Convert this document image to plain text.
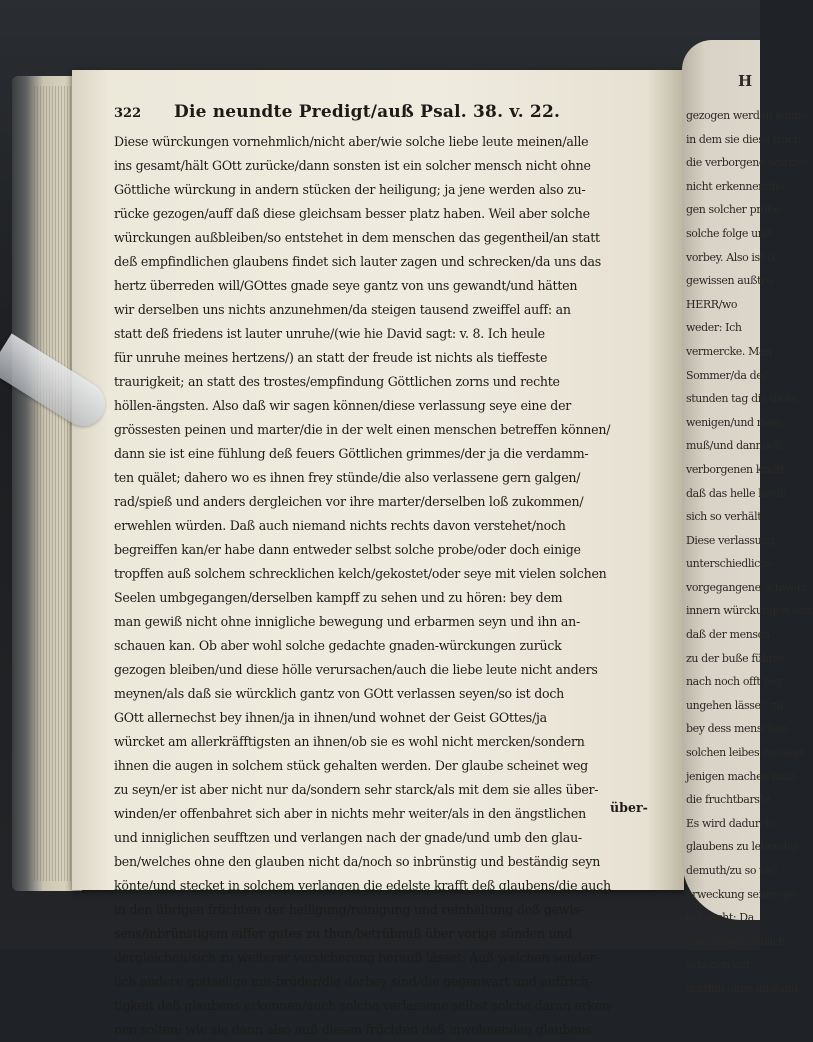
H
gezogen werden könne
in dem sie diese früch
die verborgene wurtzel
nicht erkennen/die
gen solcher probe
solche folge und
vorbey. Also ist G
gewissen außtru
HERR/wo
weder: Ich
vermercke. Man
Sommer/da der
stunden tag die dicke
wenigen/und man
muß/und dannoch
verborgenen krafft
daß das helle liecht
sich so verhält
Diese verlassung
unterschiedliche
vorgegangene schwehr
innern würckungen sein
daß der mensch
zu der buße führet
nach noch offt bey
ungehen lässet; zu
bey dess menschen
solchen leibes zustand
jenigen machen müß
die fruchtbarste
Es wird dadurch
glaubens zu lebendig
demuth/zu so viel
erweckung seines ge
gebracht: Da
von einiger leiblich
schönen mit
dorthin ohne anstand
322	Die neundte Predigt/auß Psal. 38. v. 22.
Diese würckungen vornehmlich/nicht aber/wie solche liebe leute meinen/alle
ins gesamt/hält GOtt zurücke/dann sonsten ist ein solcher mensch nicht ohne
Göttliche würckung in andern stücken der heiligung; ja jene werden also zu-
rücke gezogen/auff daß diese gleichsam besser platz haben. Weil aber solche
würckungen außbleiben/so entstehet in dem menschen das gegentheil/an statt
deß empfindlichen glaubens findet sich lauter zagen und schrecken/da uns das
hertz überreden will/GOttes gnade seye gantz von uns gewandt/und hätten
wir derselben uns nichts anzunehmen/da steigen tausend zweiffel auff: an
statt deß friedens ist lauter unruhe/(wie hie David sagt: v. 8. Ich heule
für unruhe meines hertzens/) an statt der freude ist nichts als tieffeste
traurigkeit; an statt des trostes/empfindung Göttlichen zorns und rechte
höllen-ängsten. Also daß wir sagen können/diese verlassung seye eine der
grössesten peinen und marter/die in der welt einen menschen betreffen können/
dann sie ist eine fühlung deß feuers Göttlichen grimmes/der ja die verdamm-
ten quälet; dahero wo es ihnen frey stünde/die also verlassene gern galgen/
rad/spieß und anders dergleichen vor ihre marter/derselben loß zukommen/
erwehlen würden. Daß auch niemand nichts rechts davon verstehet/noch
begreiffen kan/er habe dann entweder selbst solche probe/oder doch einige
tropffen auß solchem schrecklichen kelch/gekostet/oder seye mit vielen solchen
Seelen umbgegangen/derselben kampff zu sehen und zu hören: bey dem
man gewiß nicht ohne innigliche bewegung und erbarmen seyn und ihn an-
schauen kan. Ob aber wohl solche gedachte gnaden-würckungen zurück
gezogen bleiben/und diese hölle verursachen/auch die liebe leute nicht anders
meynen/als daß sie würcklich gantz von GOtt verlassen seyen/so ist doch
GOtt allernechst bey ihnen/ja in ihnen/und wohnet der Geist GOttes/ja
würcket am allerkräfftigsten an ihnen/ob sie es wohl nicht mercken/sondern
ihnen die augen in solchem stück gehalten werden. Der glaube scheinet weg
zu seyn/er ist aber nicht nur da/sondern sehr starck/als mit dem sie alles über-
winden/er offenbahret sich aber in nichts mehr weiter/als in den ängstlichen
und inniglichen seufftzen und verlangen nach der gnade/und umb den glau-
ben/welches ohne den glauben nicht da/noch so inbrünstig und beständig seyn
könte/und stecket in solchem verlangen die edelste krafft deß glaubens/die auch
in den übrigen früchten der heiligung/reinigung und reinhaltung deß gewis-
sens/inbrünstigem eiffer gutes zu thun/betrübnuß über vorige sünden und
dergleichen/sich zu weiterer versicherung herauß lässet: Auß welchen sonder-
lich andere gottselige mit-brüder/die darbey sind/die gegenwart und auffrich-
tigkeit deß glaubens erkennen/auch solche verlassene selbst solche daran erken-
nen solten: wie sie dann also auß diesen früchten deß inwohnenden glaubens
über-
